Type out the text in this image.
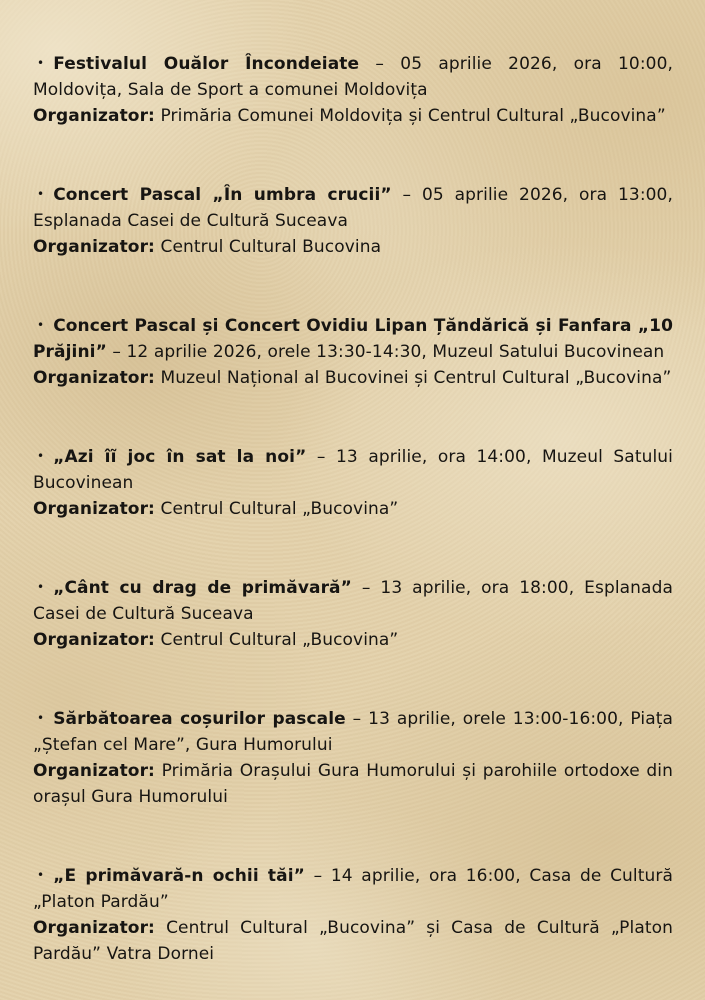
• Festivalul Ouălor Încondeiate – 05 aprilie 2026, ora 10:00, Moldovița, Sala de Sport a comunei Moldovița

Organizator: Primăria Comunei Moldovița și Centrul Cultural „Bucovina”

• Concert Pascal „În umbra crucii” – 05 aprilie 2026, ora 13:00, Esplanada Casei de Cultură Suceava

Organizator: Centrul Cultural Bucovina

• Concert Pascal și Concert Ovidiu Lipan Țăndărică și Fanfara „10 Prăjini” – 12 aprilie 2026, orele 13:30-14:30, Muzeul Satului Bucovinean

Organizator: Muzeul Național al Bucovinei și Centrul Cultural „Bucovina”

• „Azi îĩ joc în sat la noi” – 13 aprilie, ora 14:00, Muzeul Satului Bucovinean

Organizator: Centrul Cultural „Bucovina”

• „Cânt cu drag de primăvară” – 13 aprilie, ora 18:00, Esplanada Casei de Cultură Suceava

Organizator: Centrul Cultural „Bucovina”

• Sărbătoarea coșurilor pascale – 13 aprilie, orele 13:00-16:00, Piața „Ștefan cel Mare”, Gura Humorului

Organizator: Primăria Orașului Gura Humorului și parohiile ortodoxe din orașul Gura Humorului

• „E primăvară-n ochii tăi” – 14 aprilie, ora 16:00, Casa de Cultură „Platon Pardău”

Organizator: Centrul Cultural „Bucovina” și Casa de Cultură „Platon Pardău” Vatra Dornei
